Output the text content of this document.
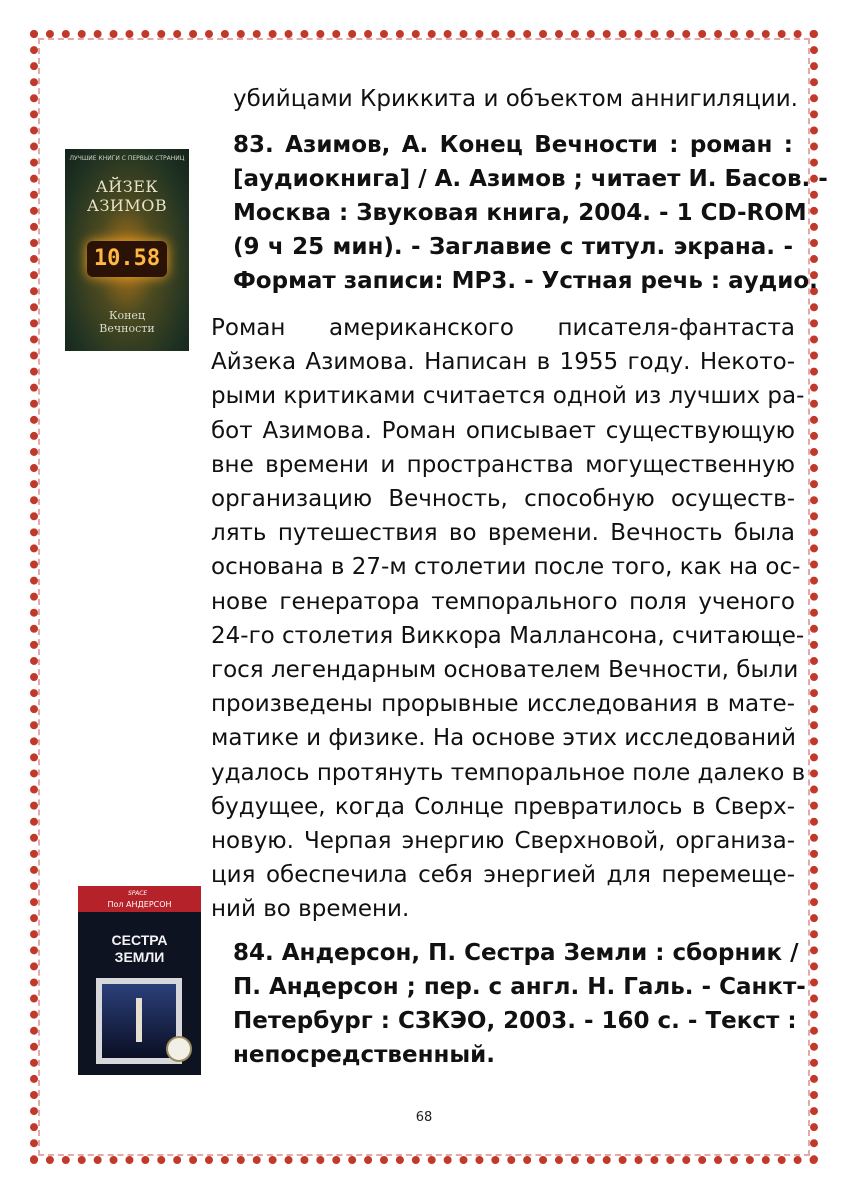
ЛУЧШИЕ КНИГИ С ПЕРВЫХ СТРАНИЦ
АЙЗЕК АЗИМОВ
10.58
Конец
Вечности
SPACE
Пол АНДЕРСОН
СЕСТРА
ЗЕМЛИ
убийцами Криккита и объектом аннигиляции.
83. Азимов, А. Конец Вечности : роман :
[аудиокнига] / А. Азимов ; читает И. Басов. -
Москва : Звуковая книга, 2004. - 1 CD-ROM
(9 ч 25 мин). - Заглавие с титул. экрана. -
Формат записи: MP3. - Устная речь : аудио.
Роман американского писателя-фантаста
Айзека Азимова. Написан в 1955 году. Некото-
рыми критиками считается одной из лучших ра-
бот Азимова. Роман описывает существующую
вне времени и пространства могущественную
организацию Вечность, способную осуществ-
лять путешествия во времени. Вечность была
основана в 27-м столетии после того, как на ос-
нове генератора темпорального поля ученого
24-го столетия Виккора Маллансона, считающе-
гося легендарным основателем Вечности, были
произведены прорывные исследования в мате-
матике и физике. На основе этих исследований
удалось протянуть темпоральное поле далеко в
будущее, когда Солнце превратилось в Сверх-
новую. Черпая энергию Сверхновой, организа-
ция обеспечила себя энергией для перемеще-
ний во времени.
84. Андерсон, П. Сестра Земли : сборник /
П. Андерсон ; пер. с англ. Н. Галь. - Санкт-
Петербург : СЗКЭО, 2003. - 160 с. - Текст :
непосредственный.
68
